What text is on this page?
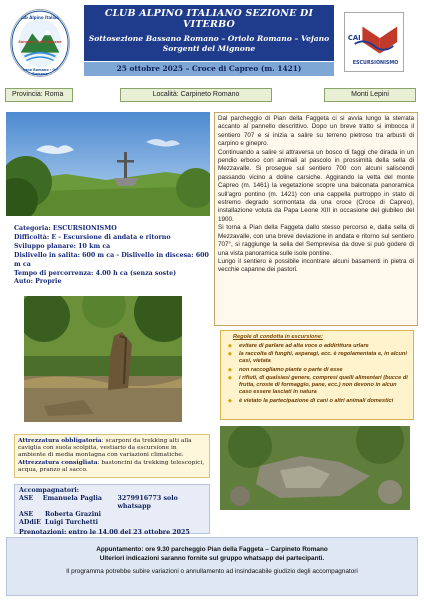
Club Alpino Italiano
Sorgenti del Mignone
Bassano Romano - Oriolo Romano
CLUB ALPINO ITALIANO SEZIONE DI VITERBO
Sottosezione Bassano Romano – Oriolo Romano – Vejano
Sorgenti del Mignone
CAI
ESCURSIONISMO
25 ottobre 2025 – Croce di Capreo (m. 1421)
Provincia: Roma	Località: Carpineto Romano	Monti Lepini

Dal parcheggio di Pian della Faggeta ci si avvia lungo la sterrata accanto al pannello descrittivo. Dopo un breve tratto si imbocca il sentiero 707 e si inizia a salire su terreno pietroso tra arbusti di carpino e ginepro.

Continuando a salire si attraversa un bosco di faggi che dirada in un pendio erboso con animali al pascolo in prossimità della sella di Mezzavalle. Si prosegue sul sentiero 700 con alcuni saliscendi passando vicino a doline carsiche. Aggirando la vetta del monte Capreo (m. 1461) la vegetazione scopre una balconata panoramica sull'agro pontino (m. 1421) con una cappella purtroppo in stato di estremo degrado sormontata da una croce (Croce di Capreo), installazione voluta da Papa Leone XIII in occasione del giubileo del 1900.

Si torna a Pian della Faggeta dallo stesso percorso e, dalla sella di Mezzavalle, con una breve deviazione in andata e ritorno sul sentiero 707°, si raggiunge la sella del Semprevisa da dove si può godere di una vista panoramica sulle isole pontine.

Lungo il sentiero è possibile incontrare alcuni basamenti in pietra di vecchie capanne dei pastori.

Categoria: ESCURSIONISMO
Difficoltà: E - Escursione di andata e ritorno
Sviluppo planare: 10 km ca
Dislivello in salita: 600 m ca - Dislivello in discesa: 600 m ca
Tempo di percorrenza: 4.00 h ca (senza soste)
Auto: Proprie
Regole di condotta in escursione:
◆ evitare di parlare ad alta voce o addirittura urlare
◆ la raccolta di funghi, asparagi, ecc. è regolamentata e, in alcuni casi, vietata
◆ non raccogliamo piante o parte di esse
◆ i rifiuti, di qualsiasi genere, compresi quelli alimentari (bucce di frutta, croste di formaggio, pane, ecc.) non devono in alcun caso essere lasciati in natura
◆ è vietato la partecipazione di cani o altri animali domestici
Attrezzatura obbligatoria: scarponi da trekking alti alla caviglia con suola scolpita, vestiario da escursione in ambiente di media montagna con variazioni climatiche.
Attrezzatura consigliata: bastoncini da trekking telescopici, acqua, pranzo al sacco.
Accompagnatori:
ASE	Emanuela Paglia	3279916773 solo whatsapp
ASE	Roberta Grazini
ADdiE Luigi Turchetti
Prenotazioni: entro le 14.00 del 23 ottobre 2025
Appuntamento: ore 9.30 parcheggio Pian della Faggeta – Carpineto Romano
Ulteriori indicazioni saranno fornite sul gruppo whatsapp dei partecipanti.
Il programma potrebbe subire variazioni o annullamento ad insindacabile giudizio degli accompagnatori
